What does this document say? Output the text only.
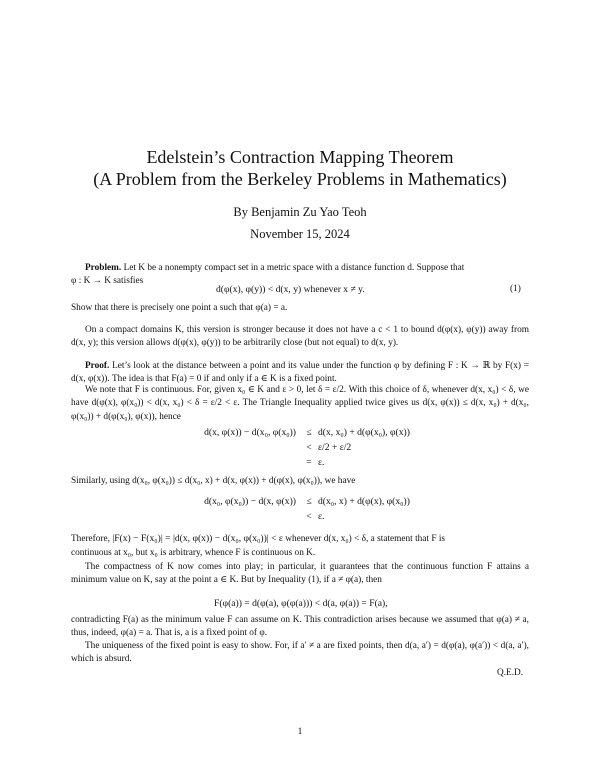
Edelstein’s Contraction Mapping Theorem
(A Problem from the Berkeley Problems in Mathematics)
By Benjamin Zu Yao Teoh
November 15, 2024
Problem. Let K be a nonempty compact set in a metric space with a distance function d. Suppose that
φ : K → K satisfies
d(φ(x), φ(y)) < d(x, y) whenever x ≠ y.	(1)
Show that there is precisely one point a such that φ(a) = a.
On a compact domains K, this version is stronger because it does not have a c < 1 to bound d(φ(x), φ(y)) away from d(x, y); this version allows d(φ(x), φ(y)) to be arbitrarily close (but not equal) to d(x, y).
Proof. Let’s look at the distance between a point and its value under the function φ by defining F : K → ℝ by F(x) = d(x, φ(x)). The idea is that F(a) = 0 if and only if a ∈ K is a fixed point.
We note that F is continuous. For, given x₀ ∈ K and ε > 0, let δ = ε/2. With this choice of δ, whenever d(x, x₀) < δ, we have d(φ(x), φ(x₀)) < d(x, x₀) < δ = ε/2 < ε. The Triangle Inequality applied twice gives us d(x, φ(x)) ≤ d(x, x₀) + d(x₀, φ(x₀)) + d(φ(x₀), φ(x)), hence
d(x, φ(x)) − d(x₀, φ(x₀))	≤ d(x, x₀) + d(φ(x₀), φ(x))
< ε/2 + ε/2
= ε.
Similarly, using d(x₀, φ(x₀)) ≤ d(x₀, x) + d(x, φ(x)) + d(φ(x), φ(x₀)), we have
d(x₀, φ(x₀)) − d(x, φ(x))	≤ d(x₀, x) + d(φ(x), φ(x₀))
< ε.
Therefore, |F(x) − F(x₀)| = |d(x, φ(x)) − d(x₀, φ(x₀))| < ε whenever d(x, x₀) < δ, a statement that F is
continuous at x₀, but x₀ is arbitrary, whence F is continuous on K.
The compactness of K now comes into play; in particular, it guarantees that the continuous function F attains a minimum value on K, say at the point a ∈ K. But by Inequality (1), if a ≠ φ(a), then
F(φ(a)) = d(φ(a), φ(φ(a))) < d(a, φ(a)) = F(a),
contradicting F(a) as the minimum value F can assume on K. This contradiction arises because we assumed that φ(a) ≠ a, thus, indeed, φ(a) = a. That is, a is a fixed point of φ.
The uniqueness of the fixed point is easy to show. For, if a′ ≠ a are fixed points, then d(a, a′) = d(φ(a), φ(a′)) < d(a, a′), which is absurd.
Q.E.D.
1
